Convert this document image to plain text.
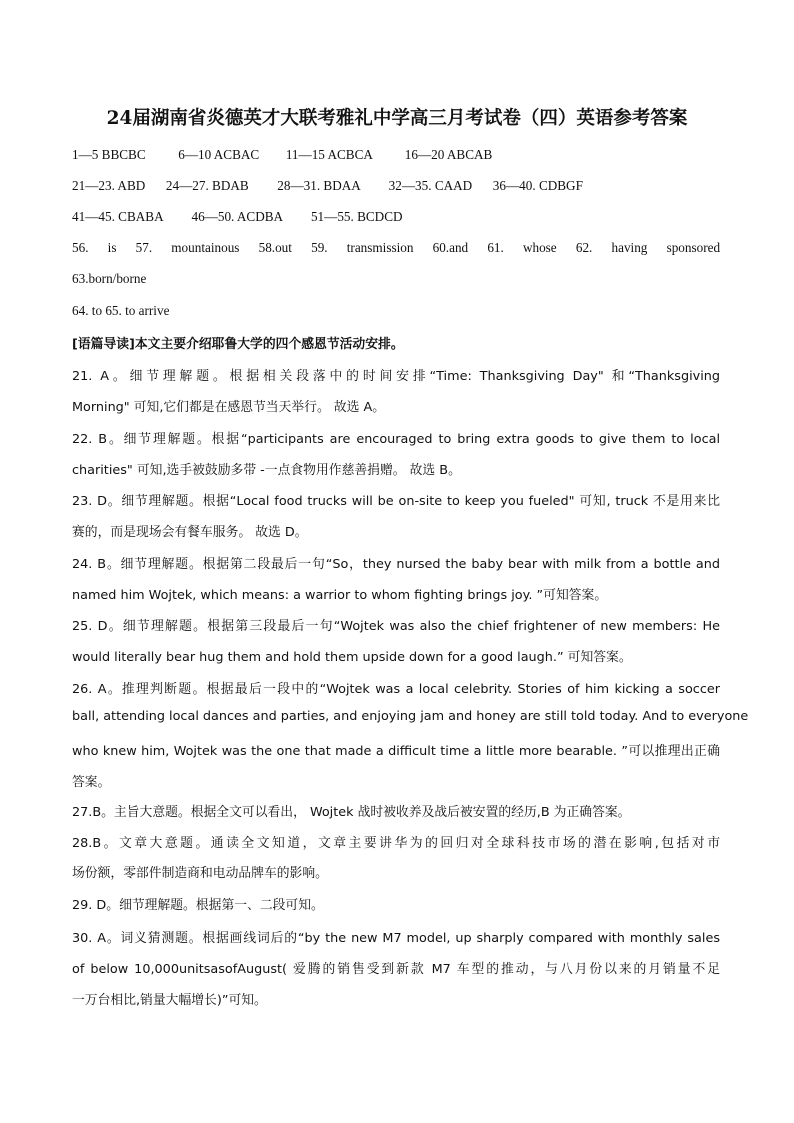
24届湖南省炎德英才大联考雅礼中学高三月考试卷（四）英语参考答案
1—5 BBCBC 6—10 ACBAC 11—15 ACBCA 16—20 ABCAB
21—23. ABD 24—27. BDAB 28—31. BDAA 32—35. CAAD 36—40. CDBGF
41—45. CBABA 46—50. ACDBA 51—55. BCDCD
56. is 57. mountainous 58.out 59. transmission 60.and 61. whose 62. having sponsored
63.born/borne
64. to 65. to arrive
[语篇导读]本文主要介绍耶鲁大学的四个感恩节活动安排。
21. A。细节理解题。根据相关段落中的时间安排“Time: Thanksgiving Day" 和“Thanksgiving
Morning" 可知,它们都是在感恩节当天举行。 故选 A。
22. B。细节理解题。根据“participants are encouraged to bring extra goods to give them to local
charities" 可知,选手被鼓励多带 -一点食物用作慈善捐赠。 故选 B。
23. D。细节理解题。根据“Local food trucks will be on-site to keep you fueled" 可知, truck 不是用来比
赛的，而是现场会有餐车服务。 故选 D。
24. B。细节理解题。根据第二段最后一句“So，they nursed the baby bear with milk from a bottle and
named him Wojtek, which means: a warrior to whom fighting brings joy. ”可知答案。
25. D。细节理解题。根据第三段最后一句“Wojtek was also the chief frightener of new members: He
would literally bear hug them and hold them upside down for a good laugh.” 可知答案。
26. A。推理判断题。根据最后一段中的“Wojtek was a local celebrity. Stories of him kicking a soccer
ball, attending local dances and parties, and enjoying jam and honey are still told today. And to everyone
who knew him, Wojtek was the one that made a difficult time a little more bearable. ”可以推理出正确
答案。
27.B。主旨大意题。根据全文可以看出， Wojtek 战时被收养及战后被安置的经历,B 为正确答案。
28.B。文章大意题。通读全文知道，文章主要讲华为的回归对全球科技市场的潜在影响,包括对市
场份额，零部件制造商和电动品牌车的影响。
29. D。细节理解题。根据第一、二段可知。
30. A。词义猜测题。根据画线词后的“by the new M7 model, up sharply compared with monthly sales
of below 10,000unitsasofAugust( 爱腾的销售受到新款 M7 车型的推动，与八月份以来的月销量不足
一万台相比,销量大幅增长)”可知。
